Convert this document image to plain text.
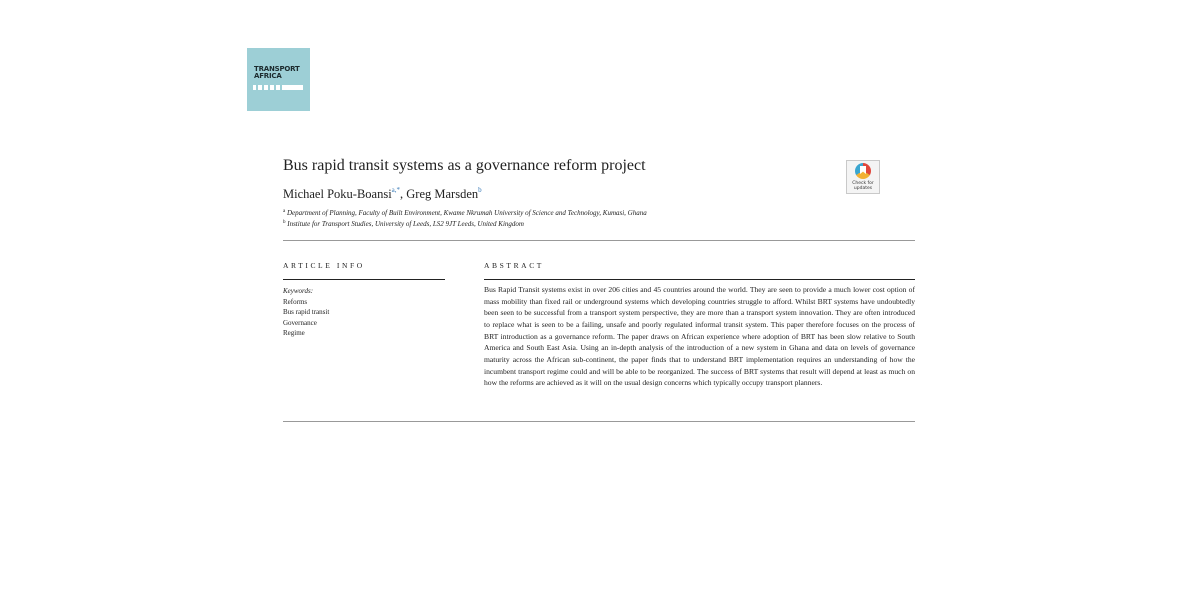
TRANSPORT
AFRICA
Bus rapid transit systems as a governance reform project
Michael Poku-Boansi$^{a,*}$, Greg Marsden$^b$
$^a$ Department of Planning, Faculty of Built Environment, Kwame Nkrumah University of Science and Technology, Kumasi, Ghana
$^b$ Institute for Transport Studies, University of Leeds, LS2 9JT Leeds, United Kingdom
Check for updates
ARTICLE INFO
Keywords:
Reforms
Bus rapid transit
Governance
Regime
ABSTRACT

Bus Rapid Transit systems exist in over 206 cities and 45 countries around the world. They are seen to provide a much lower cost option of mass mobility than fixed rail or underground systems which developing countries struggle to afford. Whilst BRT systems have undoubtedly been seen to be successful from a transport system perspective, they are more than a transport system innovation. They are often introduced to replace what is seen to be a failing, unsafe and poorly regulated informal transit system. This paper therefore focuses on the process of BRT introduction as a governance reform. The paper draws on African experience where adoption of BRT has been slow relative to South America and South East Asia. Using an in-depth analysis of the introduction of a new system in Ghana and data on levels of governance maturity across the African sub-continent, the paper finds that to understand BRT implementation requires an understanding of how the incumbent transport regime could and will be able to be reorganized. The success of BRT systems that result will depend at least as much on how the reforms are achieved as it will on the usual design concerns which typically occupy transport planners.
